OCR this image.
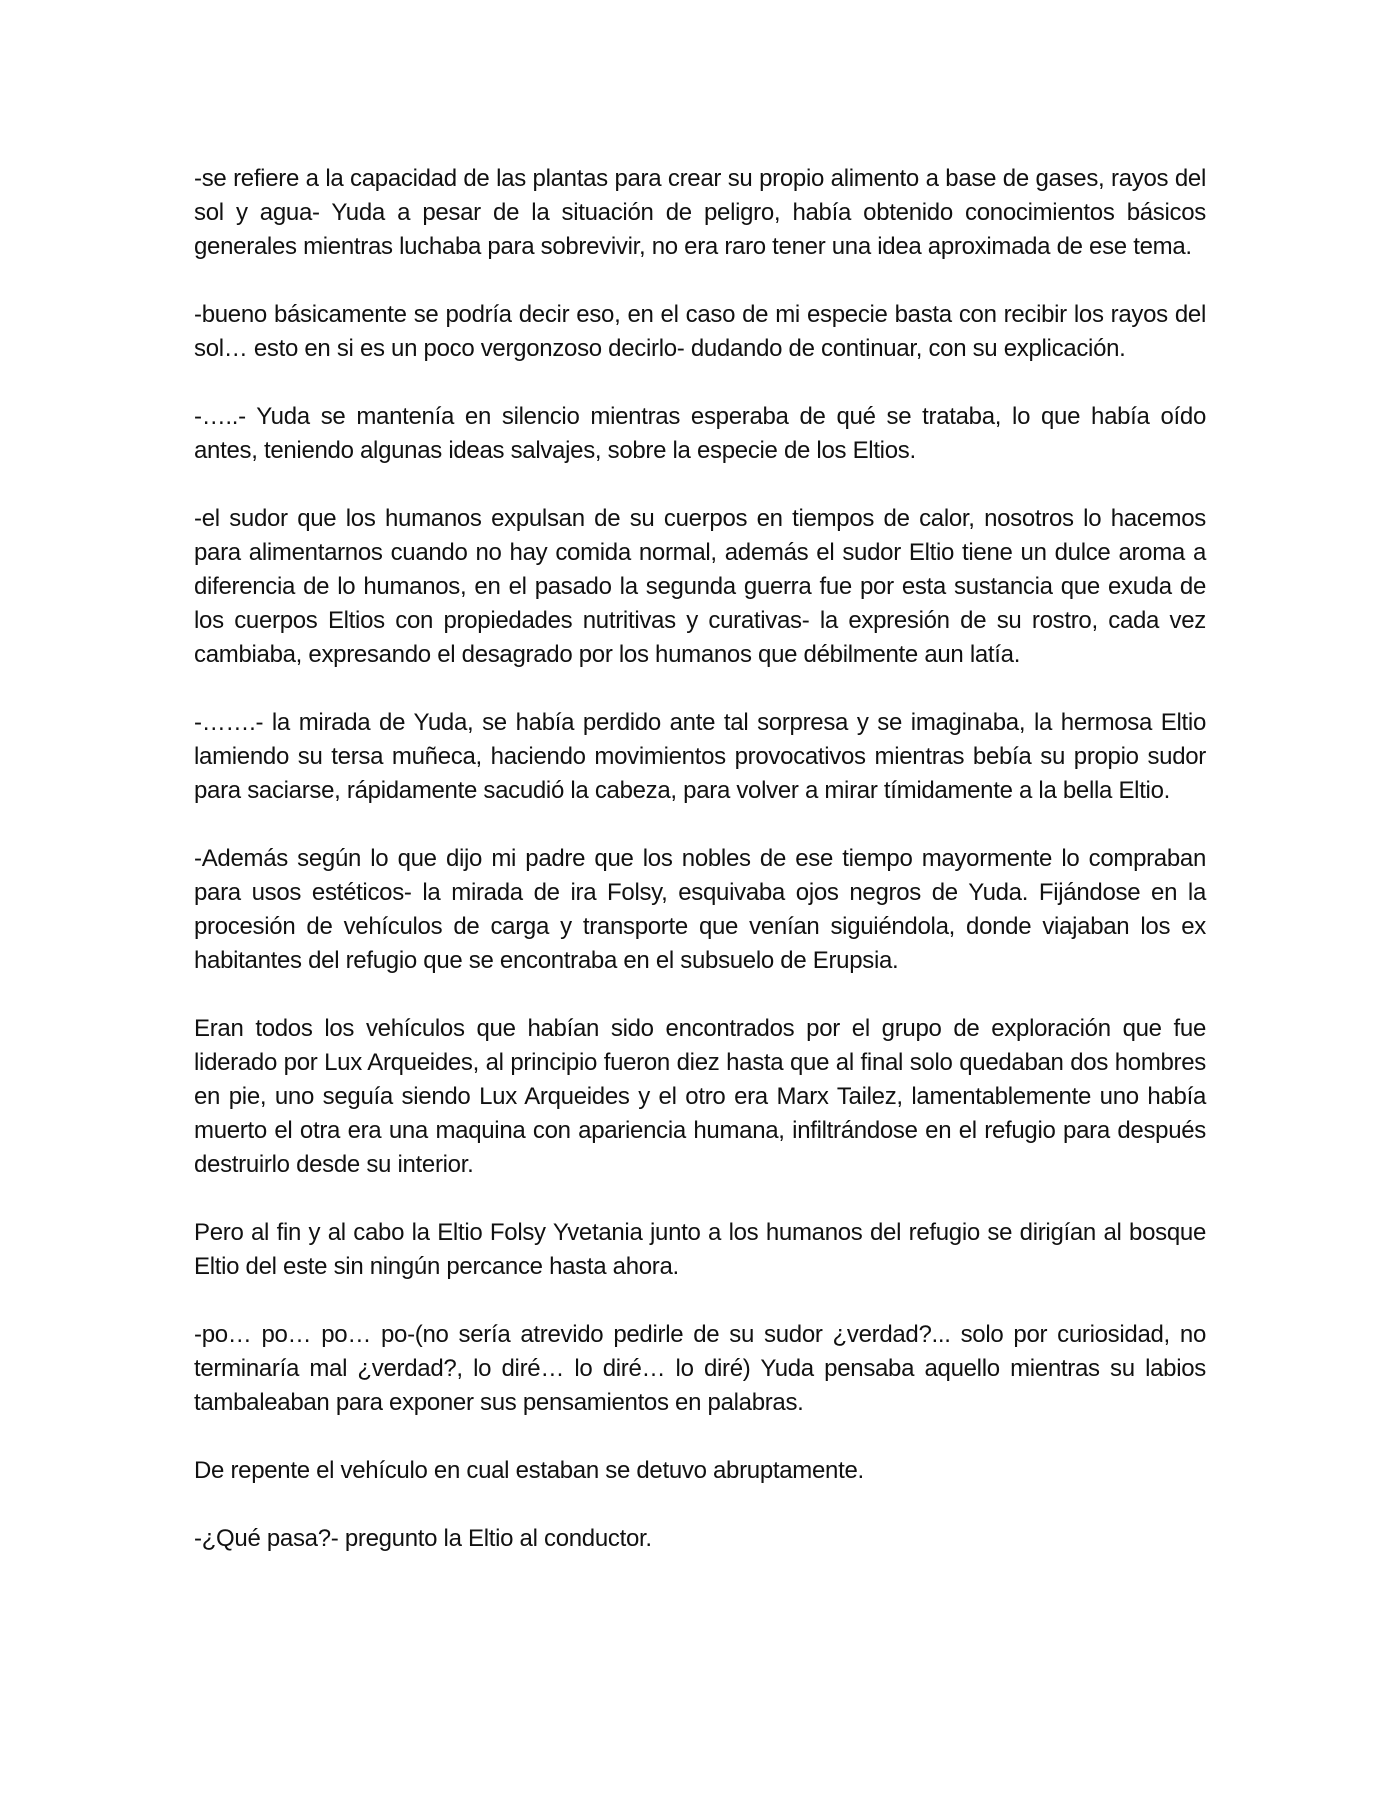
-se refiere a la capacidad de las plantas para crear su propio alimento a base de gases, rayos del sol y agua- Yuda a pesar de la situación de peligro, había obtenido conocimientos básicos generales mientras luchaba para sobrevivir, no era raro tener una idea aproximada de ese tema.

-bueno básicamente se podría decir eso, en el caso de mi especie basta con recibir los rayos del sol… esto en si es un poco vergonzoso decirlo- dudando de continuar, con su explicación.

-…..- Yuda se mantenía en silencio mientras esperaba de qué se trataba, lo que había oído antes, teniendo algunas ideas salvajes, sobre la especie de los Eltios.

-el sudor que los humanos expulsan de su cuerpos en tiempos de calor, nosotros lo hacemos para alimentarnos cuando no hay comida normal, además el sudor Eltio tiene un dulce aroma a diferencia de lo humanos, en el pasado la segunda guerra fue por esta sustancia que exuda de los cuerpos Eltios con propiedades nutritivas y curativas- la expresión de su rostro, cada vez cambiaba, expresando el desagrado por los humanos que débilmente aun latía.

-…….- la mirada de Yuda, se había perdido ante tal sorpresa y se imaginaba, la hermosa Eltio lamiendo su tersa muñeca, haciendo movimientos provocativos mientras bebía su propio sudor para saciarse, rápidamente sacudió la cabeza, para volver a mirar tímidamente a la bella Eltio.

-Además según lo que dijo mi padre que los nobles de ese tiempo mayormente lo compraban para usos estéticos- la mirada de ira Folsy, esquivaba ojos negros de Yuda. Fijándose en la procesión de vehículos de carga y transporte que venían siguiéndola, donde viajaban los ex habitantes del refugio que se encontraba en el subsuelo de Erupsia.

Eran todos los vehículos que habían sido encontrados por el grupo de exploración que fue liderado por Lux Arqueides, al principio fueron diez hasta que al final solo quedaban dos hombres en pie, uno seguía siendo Lux Arqueides y el otro era Marx Tailez, lamentablemente uno había muerto el otra era una maquina con apariencia humana, infiltrándose en el refugio para después destruirlo desde su interior.

Pero al fin y al cabo la Eltio Folsy Yvetania junto a los humanos del refugio se dirigían al bosque Eltio del este sin ningún percance hasta ahora.

-po… po… po… po-(no sería atrevido pedirle de su sudor ¿verdad?... solo por curiosidad, no terminaría mal ¿verdad?, lo diré… lo diré… lo diré) Yuda pensaba aquello mientras su labios tambaleaban para exponer sus pensamientos en palabras.

De repente el vehículo en cual estaban se detuvo abruptamente.

-¿Qué pasa?- pregunto la Eltio al conductor.
